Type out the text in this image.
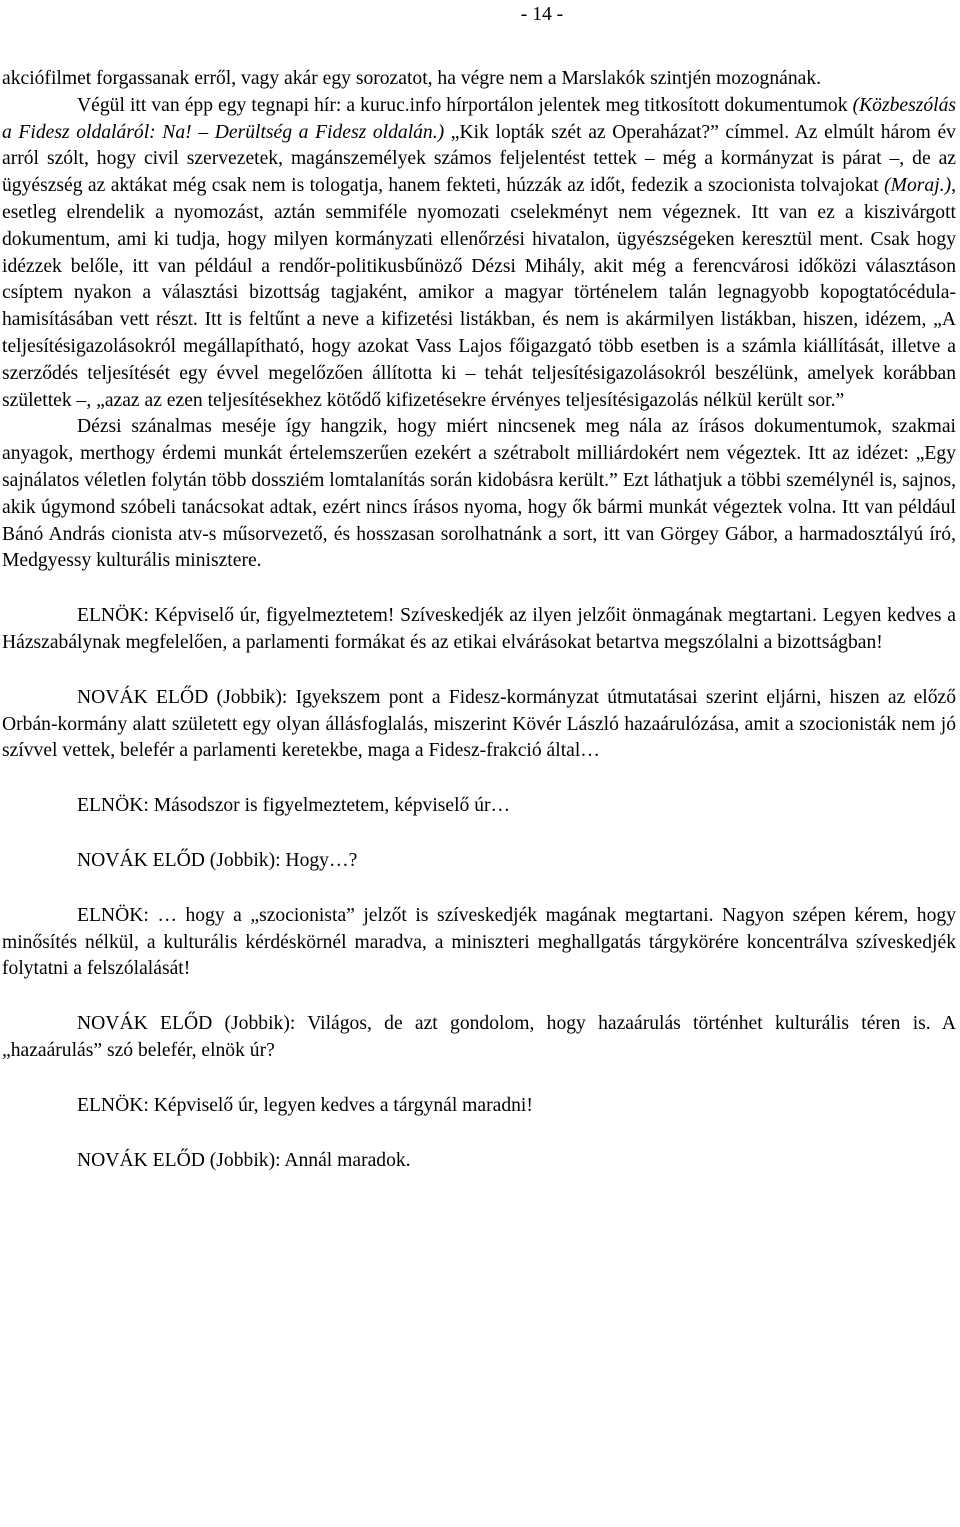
- 14 -

akciófilmet forgassanak erről, vagy akár egy sorozatot, ha végre nem a Marslakók szintjén mozognának.

Végül itt van épp egy tegnapi hír: a kuruc.info hírportálon jelentek meg titkosított dokumentumok (Közbeszólás a Fidesz oldaláról: Na! – Derültség a Fidesz oldalán.) „Kik lopták szét az Operaházat?” címmel. Az elmúlt három év arról szólt, hogy civil szervezetek, magánszemélyek számos feljelentést tettek – még a kormányzat is párat –, de az ügyészség az aktákat még csak nem is tologatja, hanem fekteti, húzzák az időt, fedezik a szocionista tolvajokat (Moraj.), esetleg elrendelik a nyomozást, aztán semmiféle nyomozati cselekményt nem végeznek. Itt van ez a kiszivárgott dokumentum, ami ki tudja, hogy milyen kormányzati ellenőrzési hivatalon, ügyészségeken keresztül ment. Csak hogy idézzek belőle, itt van például a rendőr-politikusbűnöző Dézsi Mihály, akit még a ferencvárosi időközi választáson csíptem nyakon a választási bizottság tagjaként, amikor a magyar történelem talán legnagyobb kopogtatócédula-hamisításában vett részt. Itt is feltűnt a neve a kifizetési listákban, és nem is akármilyen listákban, hiszen, idézem, „A teljesítésigazolásokról megállapítható, hogy azokat Vass Lajos főigazgató több esetben is a számla kiállítását, illetve a szerződés teljesítését egy évvel megelőzően állította ki – tehát teljesítésigazolásokról beszélünk, amelyek korábban születtek –, „azaz az ezen teljesítésekhez kötődő kifizetésekre érvényes teljesítésigazolás nélkül került sor.”

Dézsi szánalmas meséje így hangzik, hogy miért nincsenek meg nála az írásos dokumentumok, szakmai anyagok, merthogy érdemi munkát értelemszerűen ezekért a szétrabolt milliárdokért nem végeztek. Itt az idézet: „Egy sajnálatos véletlen folytán több dossziém lomtalanítás során kidobásra került.” Ezt láthatjuk a többi személynél is, sajnos, akik úgymond szóbeli tanácsokat adtak, ezért nincs írásos nyoma, hogy ők bármi munkát végeztek volna. Itt van például Bánó András cionista atv-s műsorvezető, és hosszasan sorolhatnánk a sort, itt van Görgey Gábor, a harmadosztályú író, Medgyessy kulturális minisztere.

ELNÖK: Képviselő úr, figyelmeztetem! Szíveskedjék az ilyen jelzőit önmagának megtartani. Legyen kedves a Házszabálynak megfelelően, a parlamenti formákat és az etikai elvárásokat betartva megszólalni a bizottságban!

NOVÁK ELŐD (Jobbik): Igyekszem pont a Fidesz-kormányzat útmutatásai szerint eljárni, hiszen az előző Orbán-kormány alatt született egy olyan állásfoglalás, miszerint Kövér László hazaárulózása, amit a szocionisták nem jó szívvel vettek, belefér a parlamenti keretekbe, maga a Fidesz-frakció által…

ELNÖK: Másodszor is figyelmeztetem, képviselő úr…

NOVÁK ELŐD (Jobbik): Hogy…?

ELNÖK: … hogy a „szocionista” jelzőt is szíveskedjék magának megtartani. Nagyon szépen kérem, hogy minősítés nélkül, a kulturális kérdéskörnél maradva, a miniszteri meghallgatás tárgykörére koncentrálva szíveskedjék folytatni a felszólalását!

NOVÁK ELŐD (Jobbik): Világos, de azt gondolom, hogy hazaárulás történhet kulturális téren is. A „hazaárulás” szó belefér, elnök úr?

ELNÖK: Képviselő úr, legyen kedves a tárgynál maradni!

NOVÁK ELŐD (Jobbik): Annál maradok.
